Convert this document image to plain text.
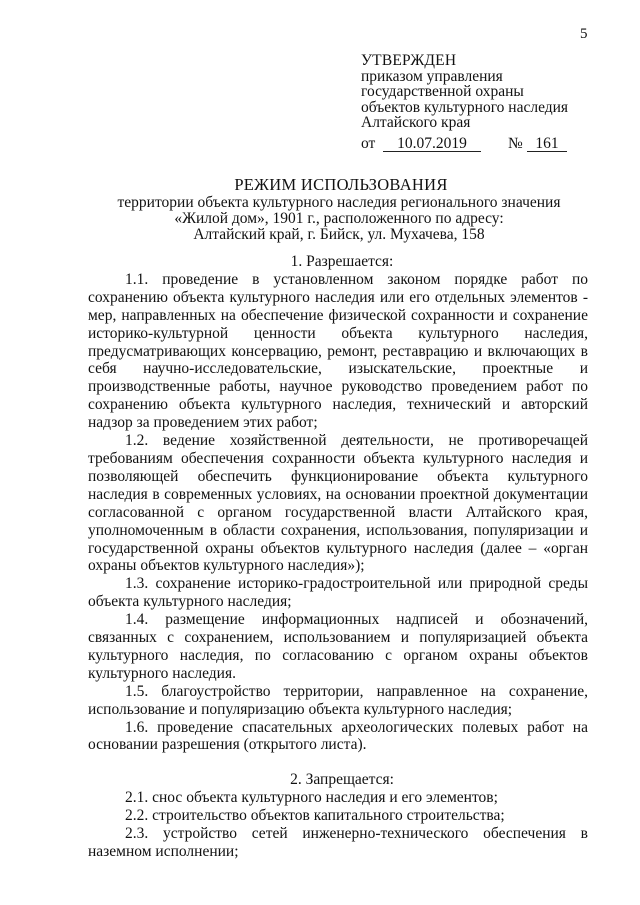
5
УТВЕРЖДЕН
приказом управления
государственной охраны
объектов культурного наследия
Алтайского края
от	10.07.2019	№ 161
РЕЖИМ ИСПОЛЬЗОВАНИЯ
территории объекта культурного наследия регионального значения
«Жилой дом», 1901 г., расположенного по адресу:
Алтайский край, г. Бийск, ул. Мухачева, 158
1. Разрешается:

1.1. проведение в установленном законом порядке работ по сохранению объекта культурного наследия или его отдельных элементов - мер, направленных на обеспечение физической сохранности и сохранение историко-культурной ценности объекта культурного наследия, предусматривающих консервацию, ремонт, реставрацию и включающих в себя научно-исследовательские, изыскательские, проектные и производственные работы, научное руководство проведением работ по сохранению объекта культурного наследия, технический и авторский надзор за проведением этих работ;

1.2. ведение хозяйственной деятельности, не противоречащей требованиям обеспечения сохранности объекта культурного наследия и позволяющей обеспечить функционирование объекта культурного наследия в современных условиях, на основании проектной документации согласованной с органом государственной власти Алтайского края, уполномоченным в области сохранения, использования, популяризации и государственной охраны объектов культурного наследия (далее – «орган охраны объектов культурного наследия»);

1.3. сохранение историко-градостроительной или природной среды объекта культурного наследия;

1.4. размещение информационных надписей и обозначений, связанных с сохранением, использованием и популяризацией объекта культурного наследия, по согласованию с органом охраны объектов культурного наследия.

1.5. благоустройство территории, направленное на сохранение, использование и популяризацию объекта культурного наследия;

1.6. проведение спасательных археологических полевых работ на основании разрешения (открытого листа).

2. Запрещается:

2.1. снос объекта культурного наследия и его элементов;

2.2. строительство объектов капитального строительства;

2.3. устройство сетей инженерно-технического обеспечения в наземном исполнении;
